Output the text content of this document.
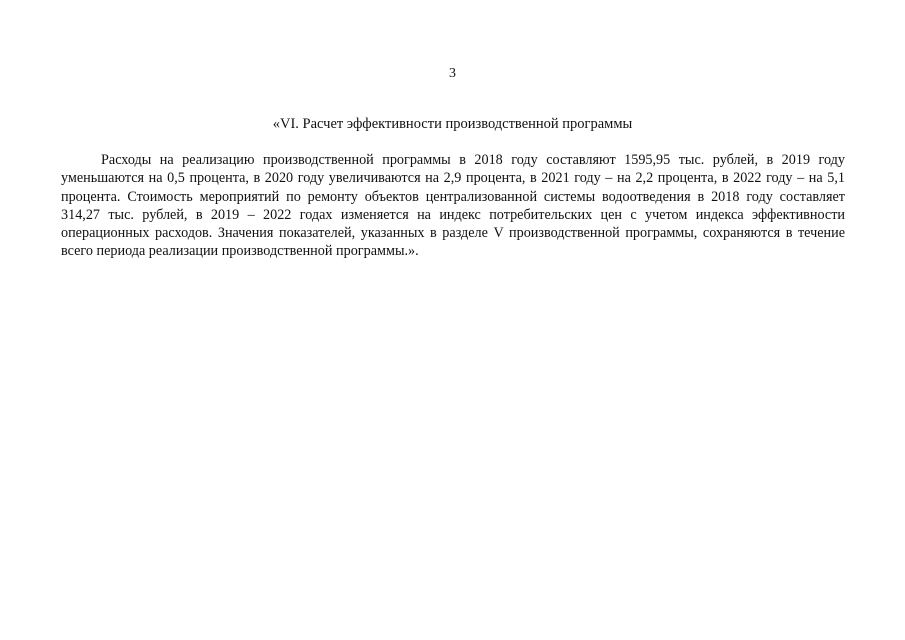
3
«VI. Расчет эффективности производственной программы

Расходы на реализацию производственной программы в 2018 году составляют 1595,95 тыс. рублей, в 2019 году уменьшаются на 0,5 процента, в 2020 году увеличиваются на 2,9 процента, в 2021 году – на 2,2 процента, в 2022 году – на 5,1 процента. Стоимость мероприятий по ремонту объектов централизованной системы водоотведения в 2018 году составляет 314,27 тыс. рублей, в 2019 – 2022 годах изменяется на индекс потребительских цен с учетом индекса эффективности операционных расходов. Значения показателей, указанных в разделе V производственной программы, сохраняются в течение всего периода реализации производственной программы.».
